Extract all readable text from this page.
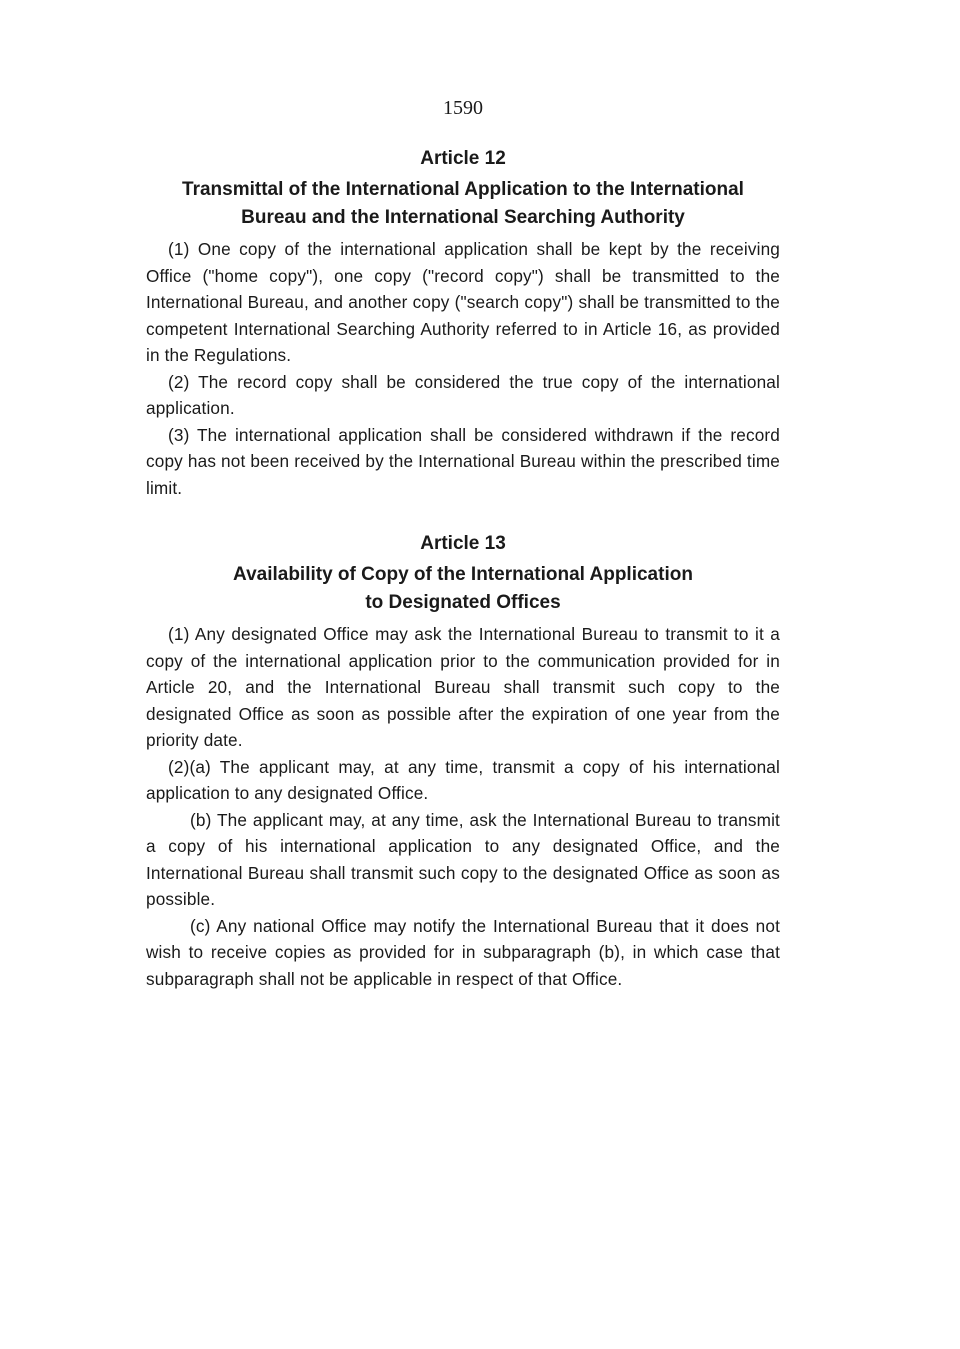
1590
Article 12
Transmittal of the International Application to the International
Bureau and the International Searching Authority

(1) One copy of the international application shall be kept by the receiving Office ("home copy"), one copy ("record copy") shall be transmitted to the International Bureau, and another copy ("search copy") shall be transmitted to the competent International Searching Authority referred to in Article 16, as provided in the Regulations.

(2) The record copy shall be considered the true copy of the international application.

(3) The international application shall be considered withdrawn if the record copy has not been received by the International Bureau within the prescribed time limit.

Article 13
Availability of Copy of the International Application
to Designated Offices

(1) Any designated Office may ask the International Bureau to transmit to it a copy of the international application prior to the communication provided for in Article 20, and the International Bureau shall transmit such copy to the designated Office as soon as possible after the expiration of one year from the priority date.

(2)(a) The applicant may, at any time, transmit a copy of his international application to any designated Office.

(b) The applicant may, at any time, ask the International Bureau to transmit a copy of his international application to any designated Office, and the International Bureau shall transmit such copy to the designated Office as soon as possible.

(c) Any national Office may notify the International Bureau that it does not wish to receive copies as provided for in subparagraph (b), in which case that subparagraph shall not be applicable in respect of that Office.
